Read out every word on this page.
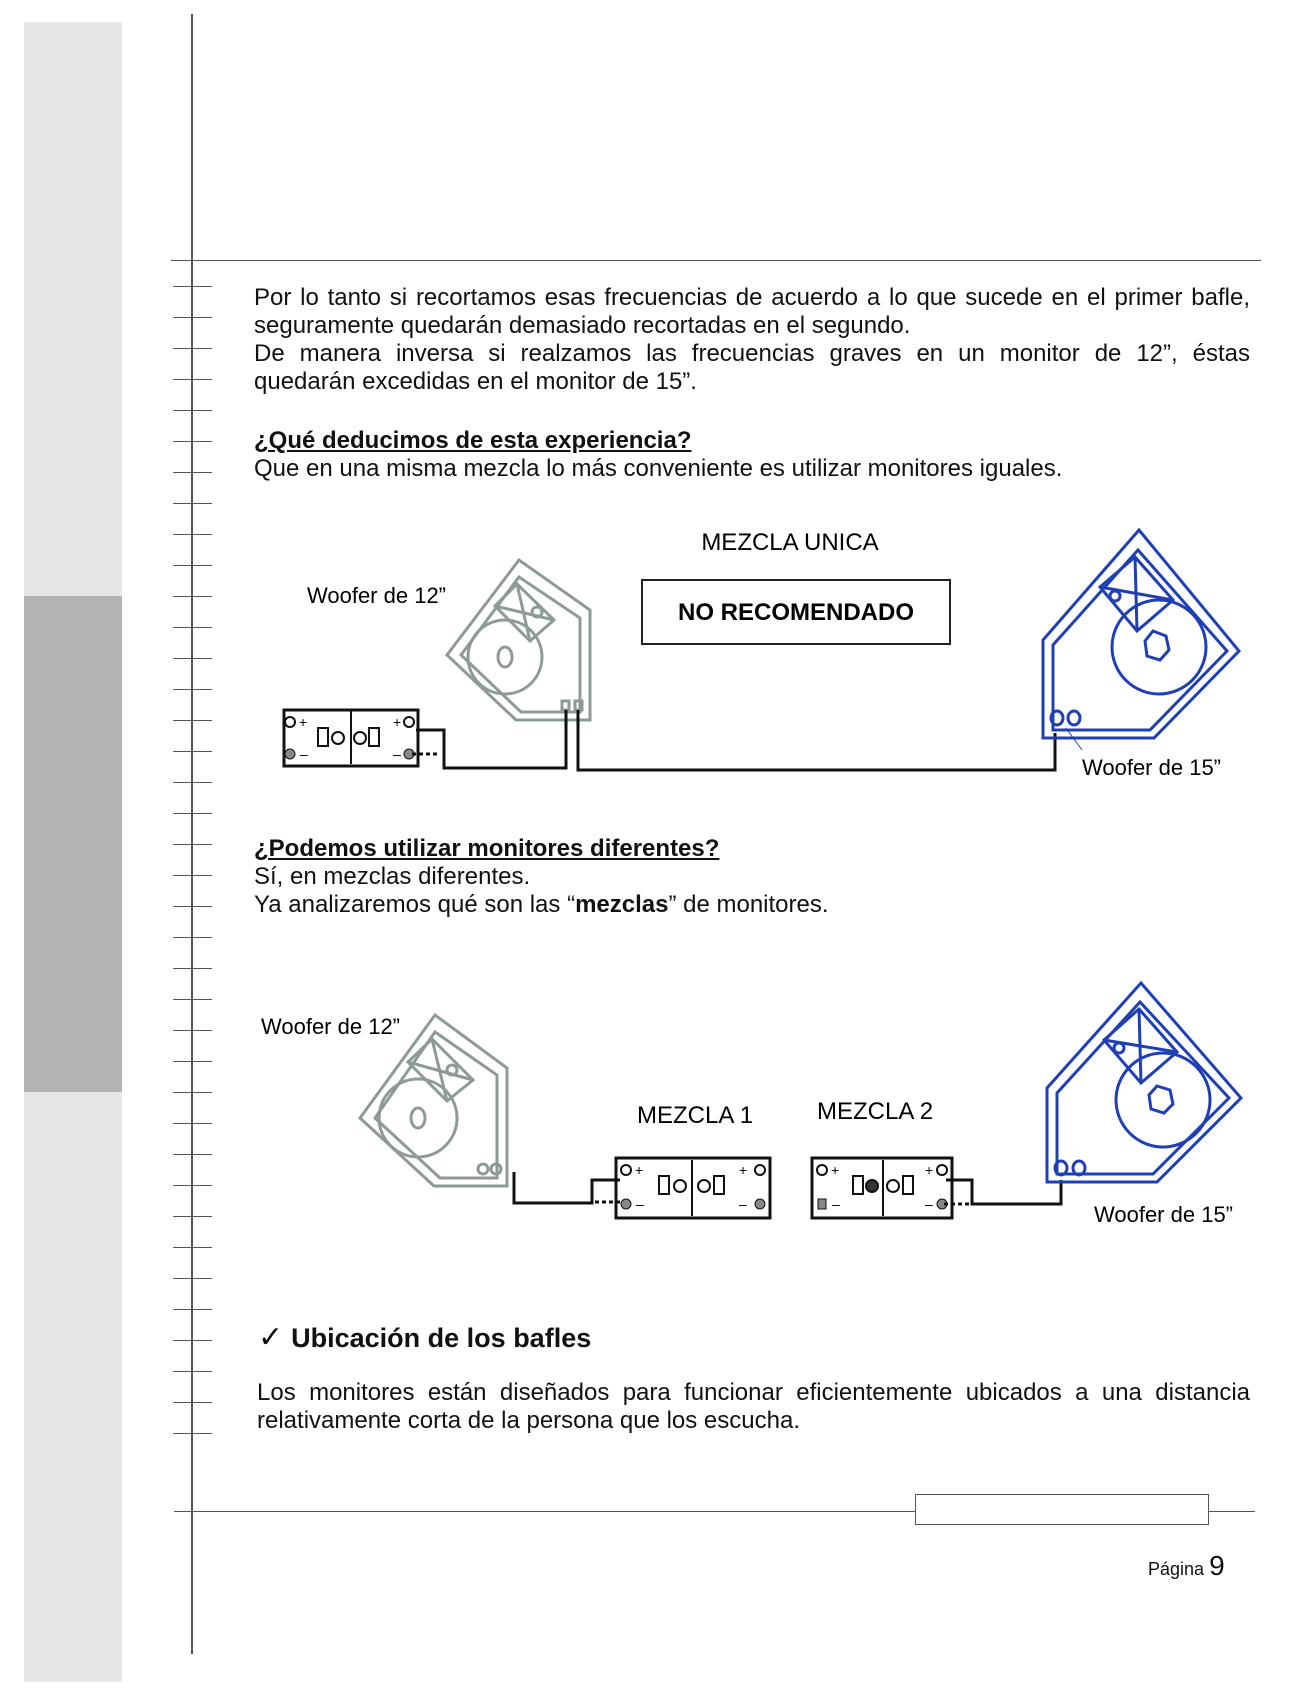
Por lo tanto si recortamos esas frecuencias de acuerdo a lo que sucede en el primer bafle, seguramente quedarán demasiado recortadas en el segundo.
De manera inversa si realzamos las frecuencias graves en un monitor de 12”, éstas quedarán excedidas en el monitor de 15”.
¿Qué deducimos de esta experiencia?
Que en una misma mezcla lo más conveniente es utilizar monitores iguales.
MEZCLA UNICA
NO RECOMENDADO
Woofer de 12”
Woofer de 15”
+
–
+
–
¿Podemos utilizar monitores diferentes?
Sí, en mezclas diferentes.
Ya analizaremos qué son las “mezclas” de monitores.
Woofer de 12”
MEZCLA 1	MEZCLA 2
Woofer de 15”
+
–
+
–
+
–
+
–
✓ Ubicación de los bafles
Los monitores están diseñados para funcionar eficientemente ubicados a una distancia relativamente corta de la persona que los escucha.
Página 9
